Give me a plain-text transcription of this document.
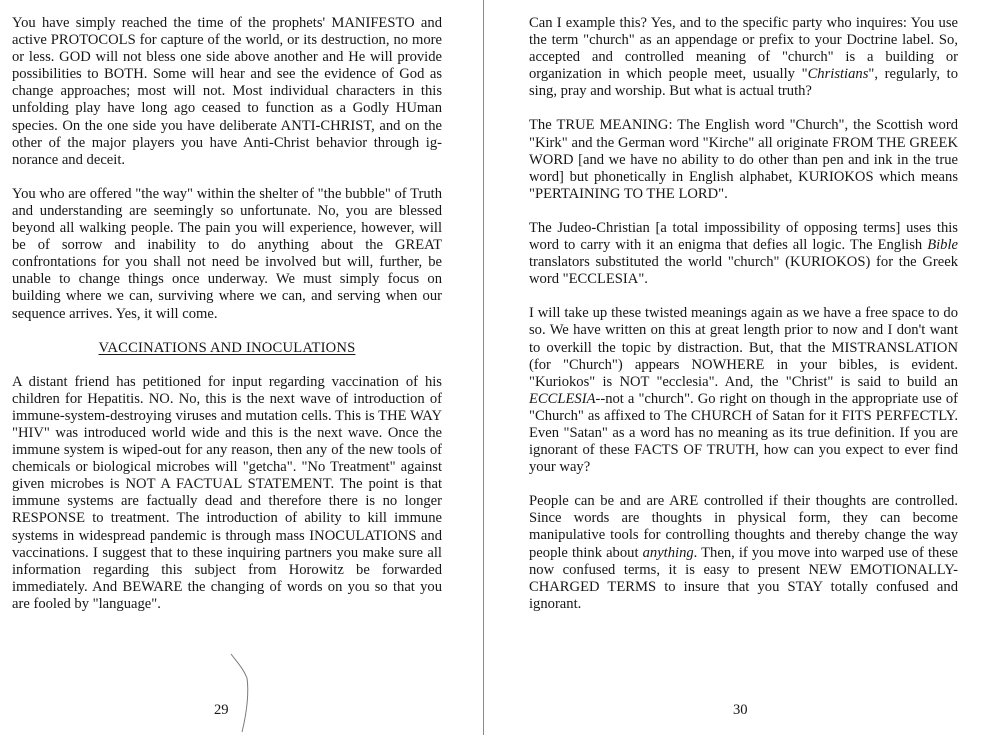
You have simply reached the time of the prophets' MANIFESTO and active PROTOCOLS for capture of the world, or its destruction, no more or less. GOD will not bless one side above another and He will provide possibilities to BOTH. Some will hear and see the evidence of God as change approaches; most will not. Most individual characters in this unfolding play have long ago ceased to function as a Godly HUman species. On the one side you have deliberate ANTI-CHRIST, and on the other of the major players you have Anti-Christ behavior through ignorance and deceit.

You who are offered "the way" within the shelter of "the bubble" of Truth and understanding are seemingly so unfortunate. No, you are blessed beyond all walking people. The pain you will experience, however, will be of sorrow and inability to do anything about the GREAT confrontations for you shall not need be involved but will, further, be unable to change things once underway. We must simply focus on building where we can, surviving where we can, and serving when our sequence arrives. Yes, it will come.

VACCINATIONS AND INOCULATIONS

A distant friend has petitioned for input regarding vaccination of his children for Hepatitis. NO. No, this is the next wave of introduction of immune-system-destroying viruses and mutation cells. This is THE WAY "HIV" was introduced world wide and this is the next wave. Once the immune system is wiped-out for any reason, then any of the new tools of chemicals or biological microbes will "getcha". "No Treatment" against given microbes is NOT A FACTUAL STATEMENT. The point is that immune systems are factually dead and therefore there is no longer RESPONSE to treatment. The introduction of ability to kill immune systems in widespread pandemic is through mass INOCULATIONS and vaccinations. I suggest that to these inquiring partners you make sure all information regarding this subject from Horowitz be forwarded immediately. And BEWARE the changing of words on you so that you are fooled by "language".

29

Can I example this? Yes, and to the specific party who inquires: You use the term "church" as an appendage or prefix to your Doctrine label. So, accepted and controlled meaning of "church" is a building or organization in which people meet, usually "Christians", regularly, to sing, pray and worship. But what is actual truth?

The TRUE MEANING: The English word "Church", the Scottish word "Kirk" and the German word "Kirche" all originate FROM THE GREEK WORD [and we have no ability to do other than pen and ink in the true word] but phonetically in English alphabet, KURIOKOS which means "PERTAINING TO THE LORD".

The Judeo-Christian [a total impossibility of opposing terms] uses this word to carry with it an enigma that defies all logic. The English Bible translators substituted the world "church" (KURIOKOS) for the Greek word "ECCLESIA".

I will take up these twisted meanings again as we have a free space to do so. We have written on this at great length prior to now and I don't want to overkill the topic by distraction. But, that the MISTRANSLATION (for "Church") appears NOWHERE in your bibles, is evident. "Kuriokos" is NOT "ecclesia". And, the "Christ" is said to build an ECCLESIA--not a "church". Go right on though in the appropriate use of "Church" as affixed to The CHURCH of Satan for it FITS PERFECTLY. Even "Satan" as a word has no meaning as its true definition. If you are ignorant of these FACTS OF TRUTH, how can you expect to ever find your way?

People can be and are ARE controlled if their thoughts are controlled. Since words are thoughts in physical form, they can become manipulative tools for controlling thoughts and thereby change the way people think about anything. Then, if you move into warped use of these now confused terms, it is easy to present NEW EMOTIONALLY-CHARGED TERMS to insure that you STAY totally confused and ignorant.

30
